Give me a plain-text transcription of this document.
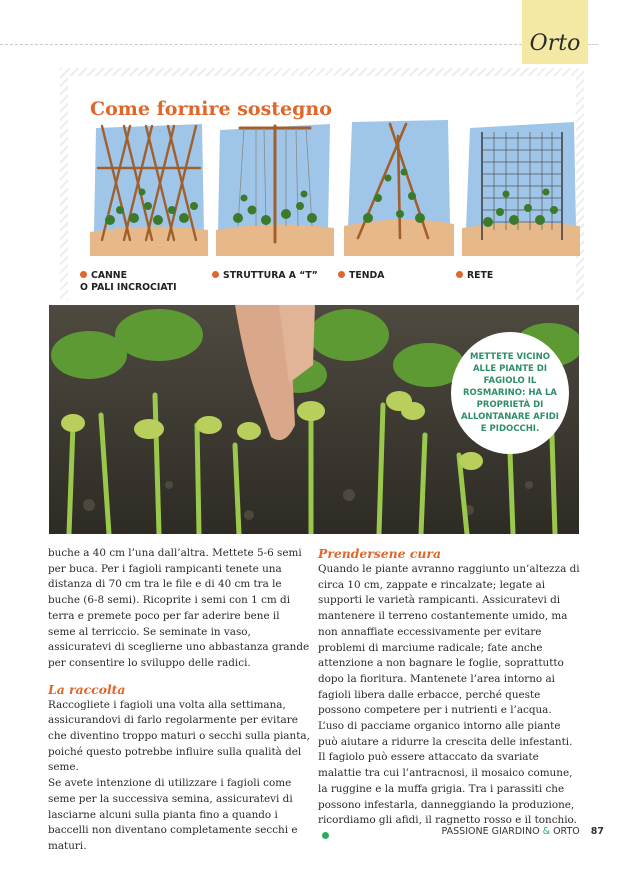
Orto
Come fornire sostegno
CANNE
O PALI INCROCIATI
STRUTTURA A “T”	TENDA	RETE
METTETE VICINO ALLE PIANTE DI FAGIOLO IL ROSMARINO: HA LA PROPRIETÀ DI ALLONTANARE AFIDI E PIDOCCHI.

buche a 40 cm l’una dall’altra. Mettete 5-6 semi per buca. Per i fagioli rampicanti tenete una distanza di 70 cm tra le file e di 40 cm tra le buche (6-8 semi). Ricoprite i semi con 1 cm di terra e premete poco per far aderire bene il seme al terriccio. Se seminate in vaso, assicuratevi di sceglierne uno abbastanza grande per consentire lo sviluppo delle radici.

La raccolta

Raccogliete i fagioli una volta alla settimana, assicurandovi di farlo regolarmente per evitare che diventino troppo maturi o secchi sulla pianta, poiché questo potrebbe influire sulla qualità del seme.

Se avete intenzione di utilizzare i fagioli come seme per la successiva semina, assicuratevi di lasciarne alcuni sulla pianta fino a quando i baccelli non diventano completamente secchi e maturi.

Prendersene cura

Quando le piante avranno raggiunto un’altezza di circa 10 cm, zappate e rincalzate; legate ai supporti le varietà rampicanti. Assicuratevi di mantenere il terreno costantemente umido, ma non annaffiate eccessivamente per evitare problemi di marciume radicale; fate anche attenzione a non bagnare le foglie, soprattutto dopo la fioritura. Mantenete l’area intorno ai fagioli libera dalle erbacce, perché queste possono competere per i nutrienti e l’acqua. L’uso di pacciame organico intorno alle piante può aiutare a ridurre la crescita delle infestanti.

Il fagiolo può essere attaccato da svariate malattie tra cui l’antracnosi, il mosaico comune, la ruggine e la muffa grigia. Tra i parassiti che possono infestarla, danneggiando la produzione, ricordiamo gli afidi, il ragnetto rosso e il tonchio.

PASSIONE GIARDINO & ORTO 87
